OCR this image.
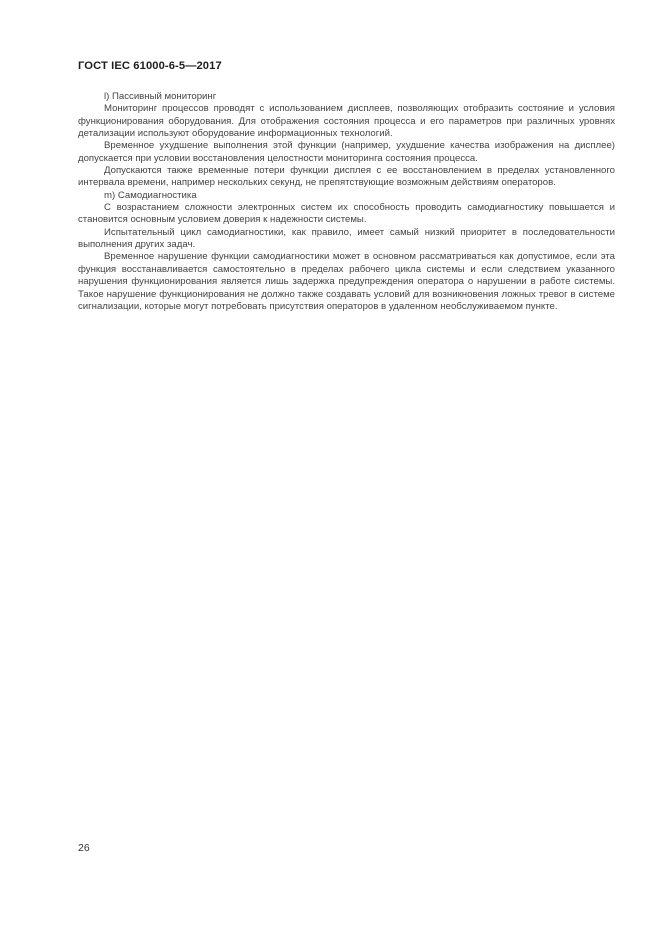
ГОСТ IEC 61000-6-5—2017

l) Пассивный мониторинг

Мониторинг процессов проводят с использованием дисплеев, позволяющих отобразить состояние и условия функционирования оборудования. Для отображения состояния процесса и его параметров при различных уровнях детализации используют оборудование информационных технологий.

Временное ухудшение выполнения этой функции (например, ухудшение качества изображения на дисплее) допускается при условии восстановления целостности мониторинга состояния процесса.

Допускаются также временные потери функции дисплея с ее восстановлением в пределах установленного интервала времени, например нескольких секунд, не препятствующие возможным действиям операторов.

m) Самодиагностика

С возрастанием сложности электронных систем их способность проводить самодиагностику повышается и становится основным условием доверия к надежности системы.

Испытательный цикл самодиагностики, как правило, имеет самый низкий приоритет в последовательности выполнения других задач.

Временное нарушение функции самодиагностики может в основном рассматриваться как допустимое, если эта функция восстанавливается самостоятельно в пределах рабочего цикла системы и если следствием указанного нарушения функционирования является лишь задержка предупреждения оператора о нарушении в работе системы. Такое нарушение функционирования не должно также создавать условий для возникновения ложных тревог в системе сигнализации, которые могут потребовать присутствия операторов в удаленном необслуживаемом пункте.

26
